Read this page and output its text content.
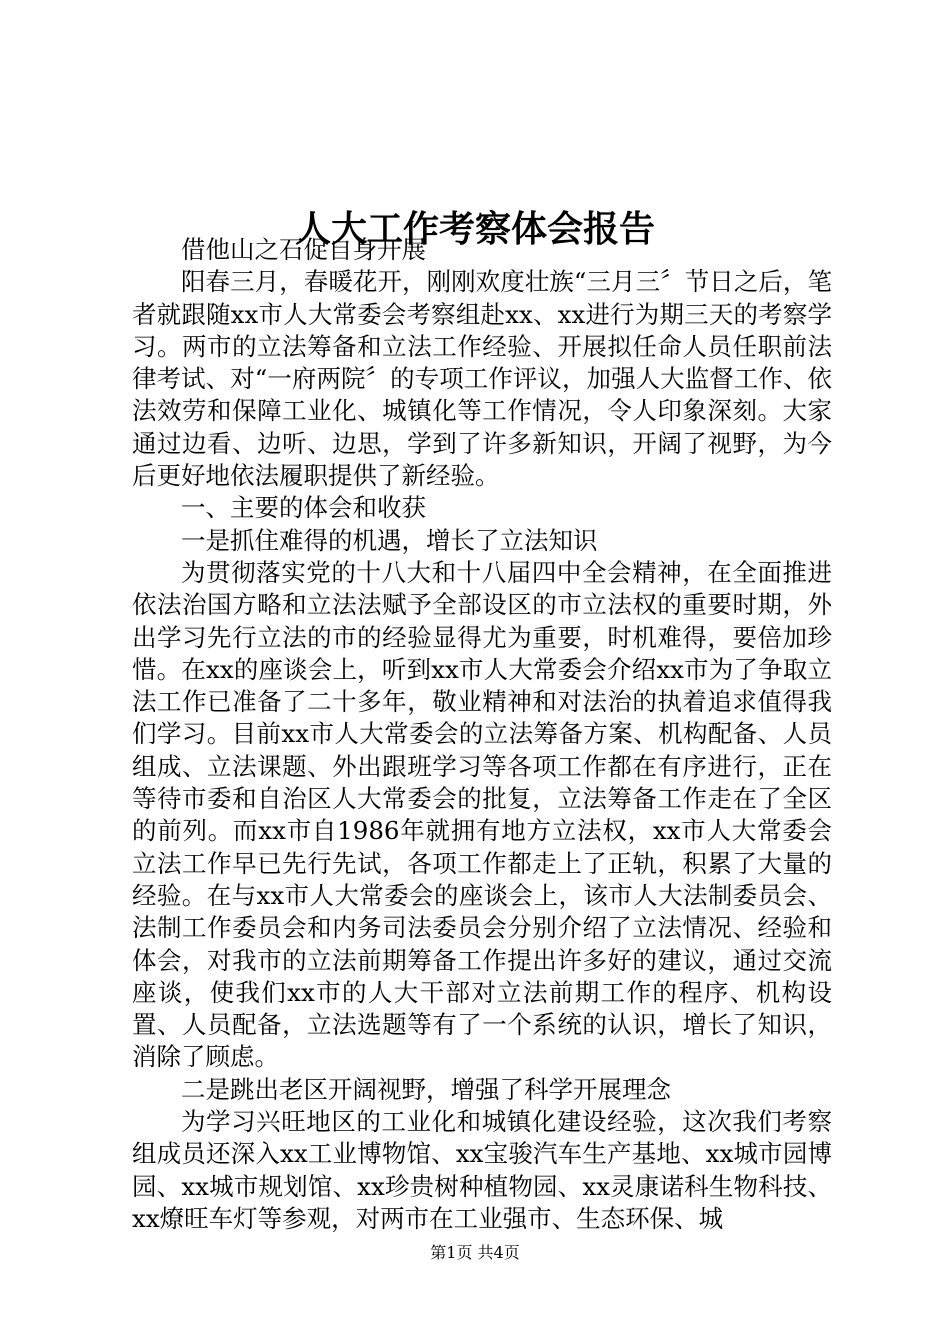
人大工作考察体会报告

借他山之石促自身开展

阳春三月，春暖花开，刚刚欢度壮族“三月三〞节日之后，笔者就跟随xx市人大常委会考察组赴xx、xx进行为期三天的考察学习。两市的立法筹备和立法工作经验、开展拟任命人员任职前法律考试、对“一府两院〞的专项工作评议，加强人大监督工作、依法效劳和保障工业化、城镇化等工作情况，令人印象深刻。大家通过边看、边听、边思，学到了许多新知识，开阔了视野，为今后更好地依法履职提供了新经验。

一、主要的体会和收获

一是抓住难得的机遇，增长了立法知识

为贯彻落实党的十八大和十八届四中全会精神，在全面推进依法治国方略和立法法赋予全部设区的市立法权的重要时期，外出学习先行立法的市的经验显得尤为重要，时机难得，要倍加珍惜。在xx的座谈会上，听到xx市人大常委会介绍xx市为了争取立法工作已准备了二十多年，敬业精神和对法治的执着追求值得我们学习。目前xx市人大常委会的立法筹备方案、机构配备、人员组成、立法课题、外出跟班学习等各项工作都在有序进行，正在等待市委和自治区人大常委会的批复，立法筹备工作走在了全区的前列。而xx市自1986年就拥有地方立法权，xx市人大常委会立法工作早已先行先试，各项工作都走上了正轨，积累了大量的经验。在与xx市人大常委会的座谈会上，该市人大法制委员会、法制工作委员会和内务司法委员会分别介绍了立法情况、经验和体会，对我市的立法前期筹备工作提出许多好的建议，通过交流座谈，使我们xx市的人大干部对立法前期工作的程序、机构设置、人员配备，立法选题等有了一个系统的认识，增长了知识，消除了顾虑。

二是跳出老区开阔视野，增强了科学开展理念

为学习兴旺地区的工业化和城镇化建设经验，这次我们考察组成员还深入xx工业博物馆、xx宝骏汽车生产基地、xx城市园博园、xx城市规划馆、xx珍贵树种植物园、xx灵康诺科生物科技、xx燎旺车灯等参观，对两市在工业强市、生态环保、城

第1页 共4页
